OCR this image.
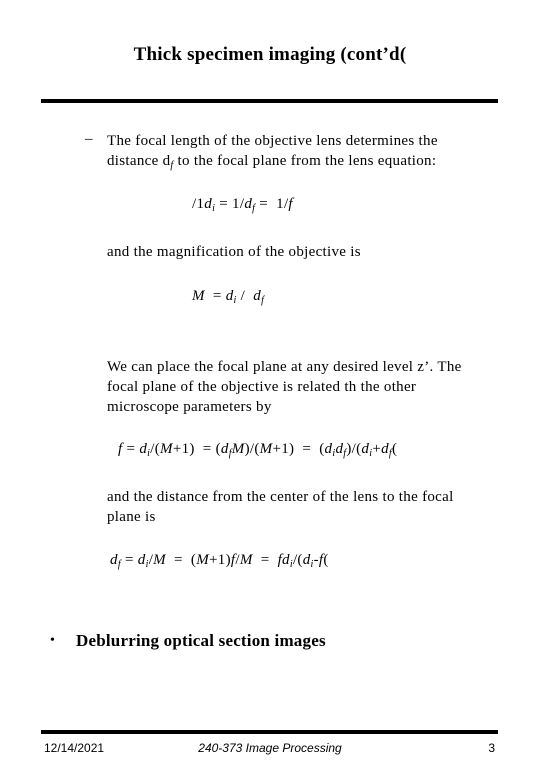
Thick specimen imaging (cont’d(
– The focal length of the objective lens determines the distance $d_f$ to the focal plane from the lens equation:
$/1d_i = 1/d_f = 1/f$
and the magnification of the objective is
$M = d_i / d_f$
We can place the focal plane at any desired level z’. The focal plane of the objective is related th the other microscope parameters by
$f = d_i/(M+1) = (d_fM)/(M+1) = (d_id_f)/(d_i+d_f$(
and the distance from the center of the lens to the focal plane is
$d_f = d_i/M = (M+1)f/M = fd_i/(d_i-f$(
• Deblurring optical section images
12/14/2021	240-373 Image Processing	3
